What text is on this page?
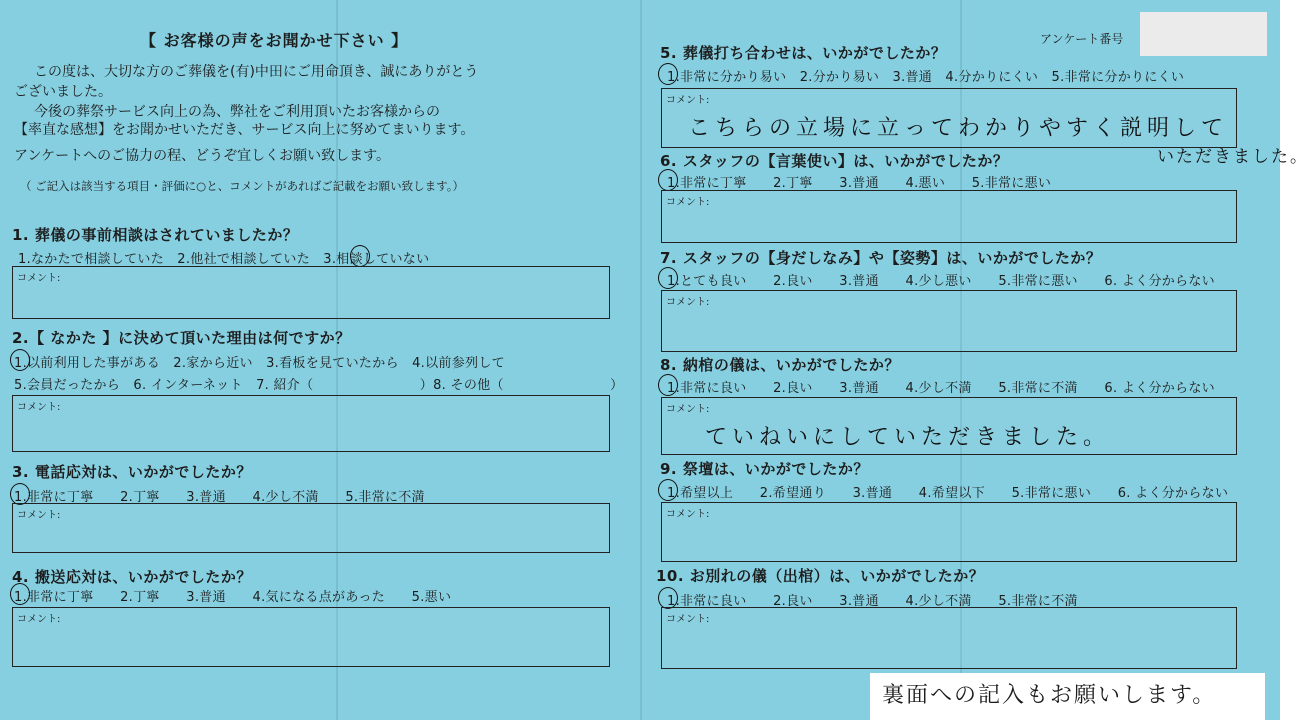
【 お客様の声をお聞かせ下さい 】
この度は、大切な方のご葬儀を(有)中田にご用命頂き、誠にありがとう
ございました。
今後の葬祭サービス向上の為、弊社をご利用頂いたお客様からの
【率直な感想】をお聞かせいただき、サービス向上に努めてまいります。
アンケートへのご協力の程、どうぞ宜しくお願い致します。
（ ご記入は該当する項目・評価に○と、コメントがあればご記載をお願い致します。）
1. 葬儀の事前相談はされていましたか？
1.なかたで相談していた　2.他社で相談していた　3.相談していない
コメント:
2.【 なかた 】に決めて頂いた理由は何ですか？
1.以前利用した事がある　2.家から近い　3.看板を見ていたから　4.以前参列して
5.会員だったから　6. インターネット　7. 紹介（　　　　　　　　）8. その他（　　　　　　　　）
コメント:
3. 電話応対は、いかがでしたか？
1.非常に丁寧　　2.丁寧　　3.普通　　4.少し不満　　5.非常に不満
コメント:
4. 搬送応対は、いかがでしたか？
1.非常に丁寧　　2.丁寧　　3.普通　　4.気になる点があった　　5.悪い
コメント:
アンケート番号
5. 葬儀打ち合わせは、いかがでしたか？
1.非常に分かり易い　2.分かり易い　3.普通　4.分かりにくい　5.非常に分かりにくい
コメント:
こちらの立場に立ってわかりやすく説明して
いただきました。
6. スタッフの【言葉使い】は、いかがでしたか？
1.非常に丁寧　　2.丁寧　　3.普通　　4.悪い　　5.非常に悪い
コメント:
7. スタッフの【身だしなみ】や【姿勢】は、いかがでしたか？
1.とても良い　　2.良い　　3.普通　　4.少し悪い　　5.非常に悪い　　6. よく分からない
コメント:
8. 納棺の儀は、いかがでしたか？
1.非常に良い　　2.良い　　3.普通　　4.少し不満　　5.非常に不満　　6. よく分からない
コメント:
ていねいにしていただきました。
9. 祭壇は、いかがでしたか？
1.希望以上　　2.希望通り　　3.普通　　4.希望以下　　5.非常に悪い　　6. よく分からない
コメント:
10. お別れの儀（出棺）は、いかがでしたか？
1.非常に良い　　2.良い　　3.普通　　4.少し不満　　5.非常に不満
コメント:
裏面への記入もお願いします。
